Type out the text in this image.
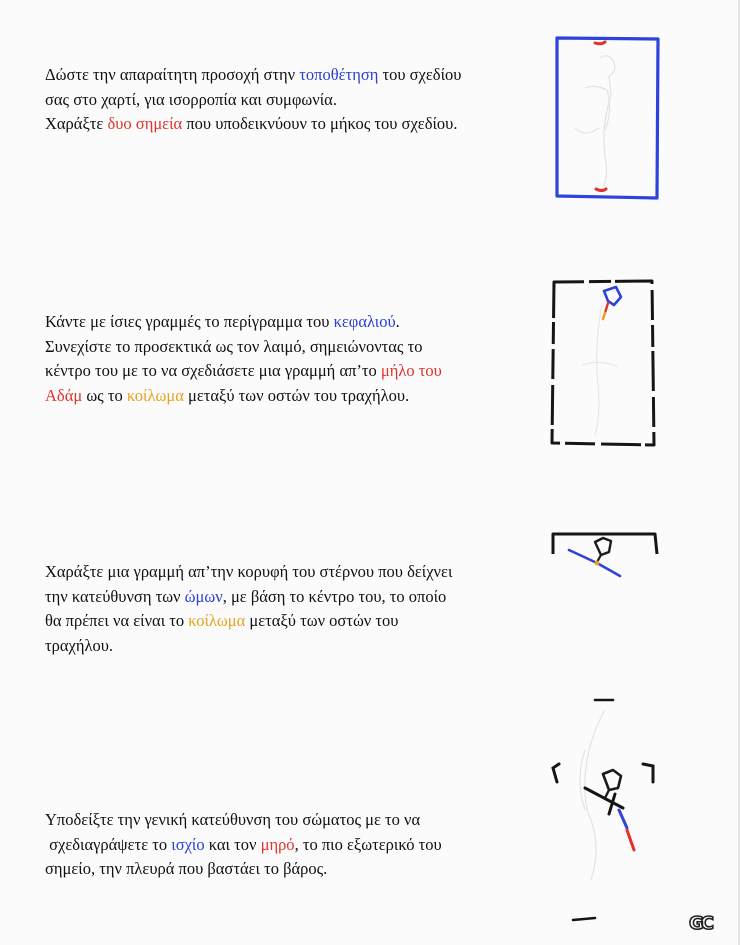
Δώστε την απαραίτητη προσοχή στην τοποθέτηση του σχεδίου
σας στο χαρτί, για ισορροπία και συμφωνία.
Χαράξτε δυο σημεία που υποδεικνύουν το μήκος του σχεδίου.
Κάντε με ίσιες γραμμές το περίγραμμα του κεφαλιού.
Συνεχίστε το προσεκτικά ως τον λαιμό, σημειώνοντας το
κέντρο του με το να σχεδιάσετε μια γραμμή απ’το μήλο του
Αδάμ ως το κοίλωμα μεταξύ των οστών του τραχήλου.
Χαράξτε μια γραμμή απ’την κορυφή του στέρνου που δείχνει
την κατεύθυνση των ώμων, με βάση το κέντρο του, το οποίο
θα πρέπει να είναι το κοίλωμα μεταξύ των οστών του
τραχήλου.
Υποδείξτε την γενική κατεύθυνση του σώματος με το να
σχεδιαγράψετε το ισχίο και τον μηρό, το πιο εξωτερικό του
σημείο, την πλευρά που βαστάει το βάρος.
GC
